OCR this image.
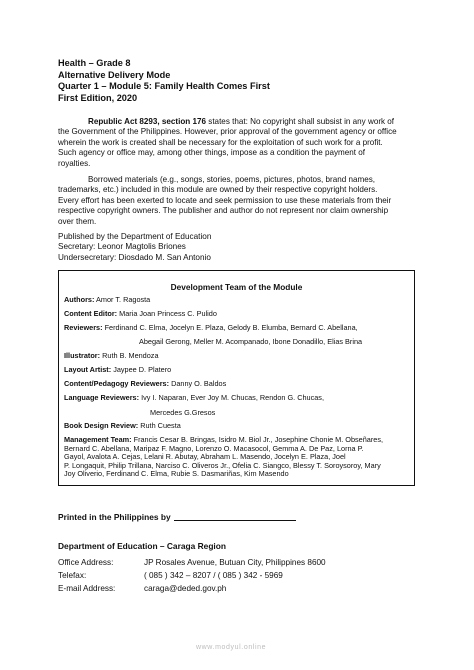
Health – Grade 8
Alternative Delivery Mode
Quarter 1 – Module 5: Family Health Comes First
First Edition, 2020
Republic Act 8293, section 176 states that: No copyright shall subsist in any work of
the Government of the Philippines. However, prior approval of the government agency or office
wherein the work is created shall be necessary for the exploitation of such work for a profit.
Such agency or office may, among other things, impose as a condition the payment of
royalties.
Borrowed materials (e.g., songs, stories, poems, pictures, photos, brand names,
trademarks, etc.) included in this module are owned by their respective copyright holders.
Every effort has been exerted to locate and seek permission to use these materials from their
respective copyright owners. The publisher and author do not represent nor claim ownership
over them.
Published by the Department of Education
Secretary: Leonor Magtolis Briones
Undersecretary: Diosdado M. San Antonio
Development Team of the Module
Authors: Amor T. Ragosta
Content Editor: Maria Joan Princess C. Pulido
Reviewers: Ferdinand C. Elma, Jocelyn E. Plaza, Gelody B. Elumba, Bernard C. Abellana,
Abegail Gerong, Meller M. Acompanado, Ibone Donadillo, Elias Brina
Illustrator: Ruth B. Mendoza
Layout Artist: Jaypee D. Platero
Content/Pedagogy Reviewers: Danny O. Baldos
Language Reviewers: Ivy I. Naparan, Ever Joy M. Chucas, Rendon G. Chucas,
Mercedes G.Gresos
Book Design Review: Ruth Cuesta
Management Team: Francis Cesar B. Bringas, Isidro M. Biol Jr., Josephine Chonie M. Obseñares,
Bernard C. Abellana, Maripaz F. Magno, Lorenzo O. Macasocol, Gemma A. De Paz, Lorna P.
Gayol, Avalota A. Cejas, Lelani R. Abutay, Abraham L. Masendo, Jocelyn E. Plaza, Joel
P. Longaquit, Philip Trillana, Narciso C. Oliveros Jr., Ofelia C. Siangco, Blessy T. Soroysoroy, Mary
Joy Oliverio, Ferdinand C. Elma, Rubie S. Dasmariñas, Kim Masendo
Printed in the Philippines by
Department of Education – Caraga Region
Office Address:	JP Rosales Avenue, Butuan City, Philippines 8600
Telefax:	( 085 ) 342 – 8207 / ( 085 ) 342 - 5969
E-mail Address:	caraga@deded.gov.ph
www.modyul.online
